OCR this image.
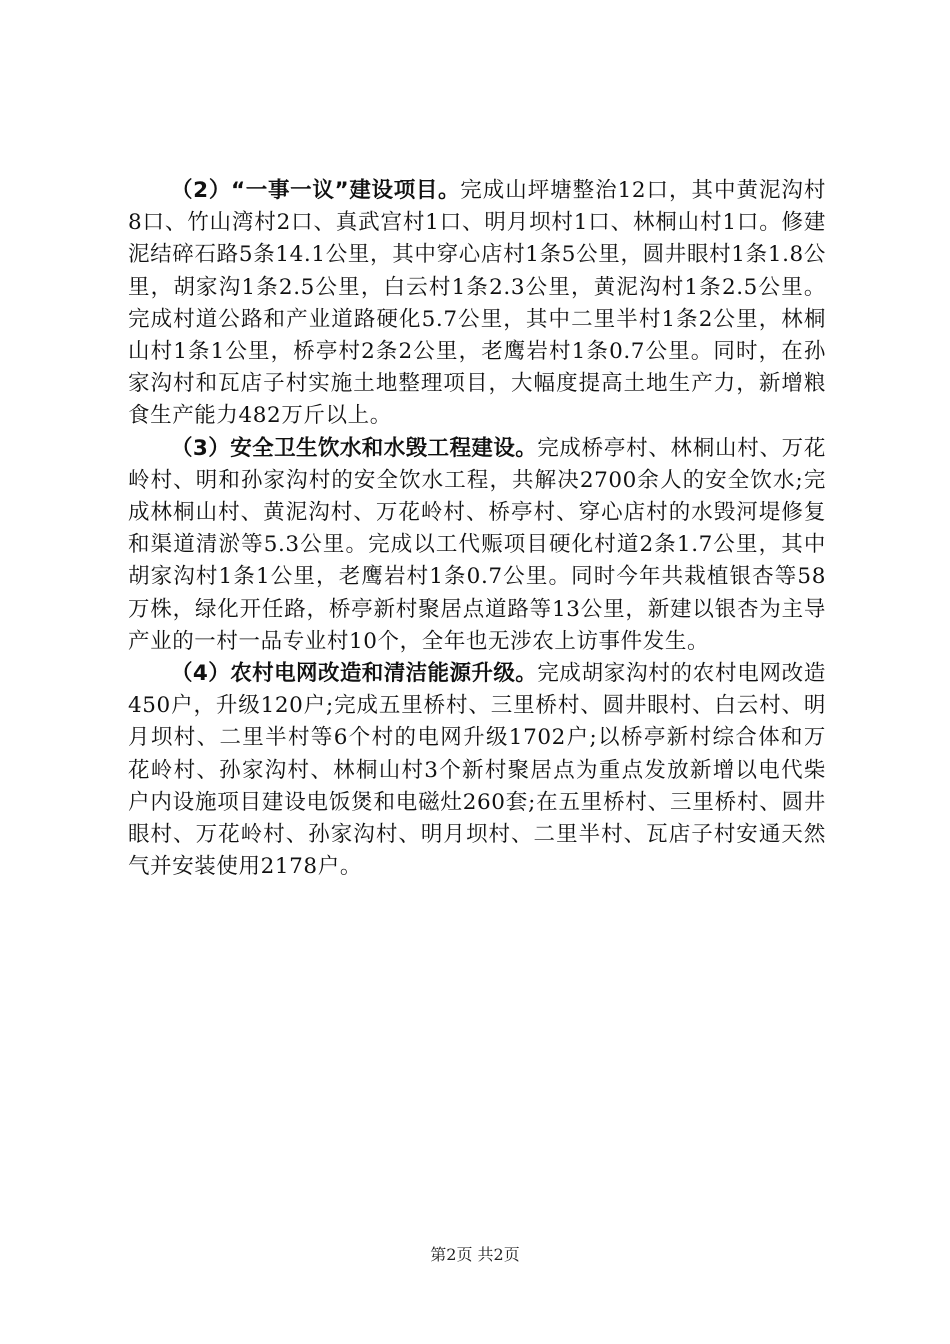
（2）“一事一议”建设项目。完成山坪塘整治12口，其中黄泥沟村8口、竹山湾村2口、真武宫村1口、明月坝村1口、林桐山村1口。修建泥结碎石路5条14.1公里，其中穿心店村1条5公里，圆井眼村1条1.8公里，胡家沟1条2.5公里，白云村1条2.3公里，黄泥沟村1条2.5公里。完成村道公路和产业道路硬化5.7公里，其中二里半村1条2公里，林桐山村1条1公里，桥亭村2条2公里，老鹰岩村1条0.7公里。同时，在孙家沟村和瓦店子村实施土地整理项目，大幅度提高土地生产力，新增粮食生产能力482万斤以上。

（3）安全卫生饮水和水毁工程建设。完成桥亭村、林桐山村、万花岭村、明和孙家沟村的安全饮水工程，共解决2700余人的安全饮水;完成林桐山村、黄泥沟村、万花岭村、桥亭村、穿心店村的水毁河堤修复和渠道清淤等5.3公里。完成以工代赈项目硬化村道2条1.7公里，其中胡家沟村1条1公里，老鹰岩村1条0.7公里。同时今年共栽植银杏等58万株，绿化开任路，桥亭新村聚居点道路等13公里，新建以银杏为主导产业的一村一品专业村10个，全年也无涉农上访事件发生。

（4）农村电网改造和清洁能源升级。完成胡家沟村的农村电网改造450户，升级120户;完成五里桥村、三里桥村、圆井眼村、白云村、明月坝村、二里半村等6个村的电网升级1702户;以桥亭新村综合体和万花岭村、孙家沟村、林桐山村3个新村聚居点为重点发放新增以电代柴户内设施项目建设电饭煲和电磁灶260套;在五里桥村、三里桥村、圆井眼村、万花岭村、孙家沟村、明月坝村、二里半村、瓦店子村安通天然气并安装使用2178户。

第2页 共2页
